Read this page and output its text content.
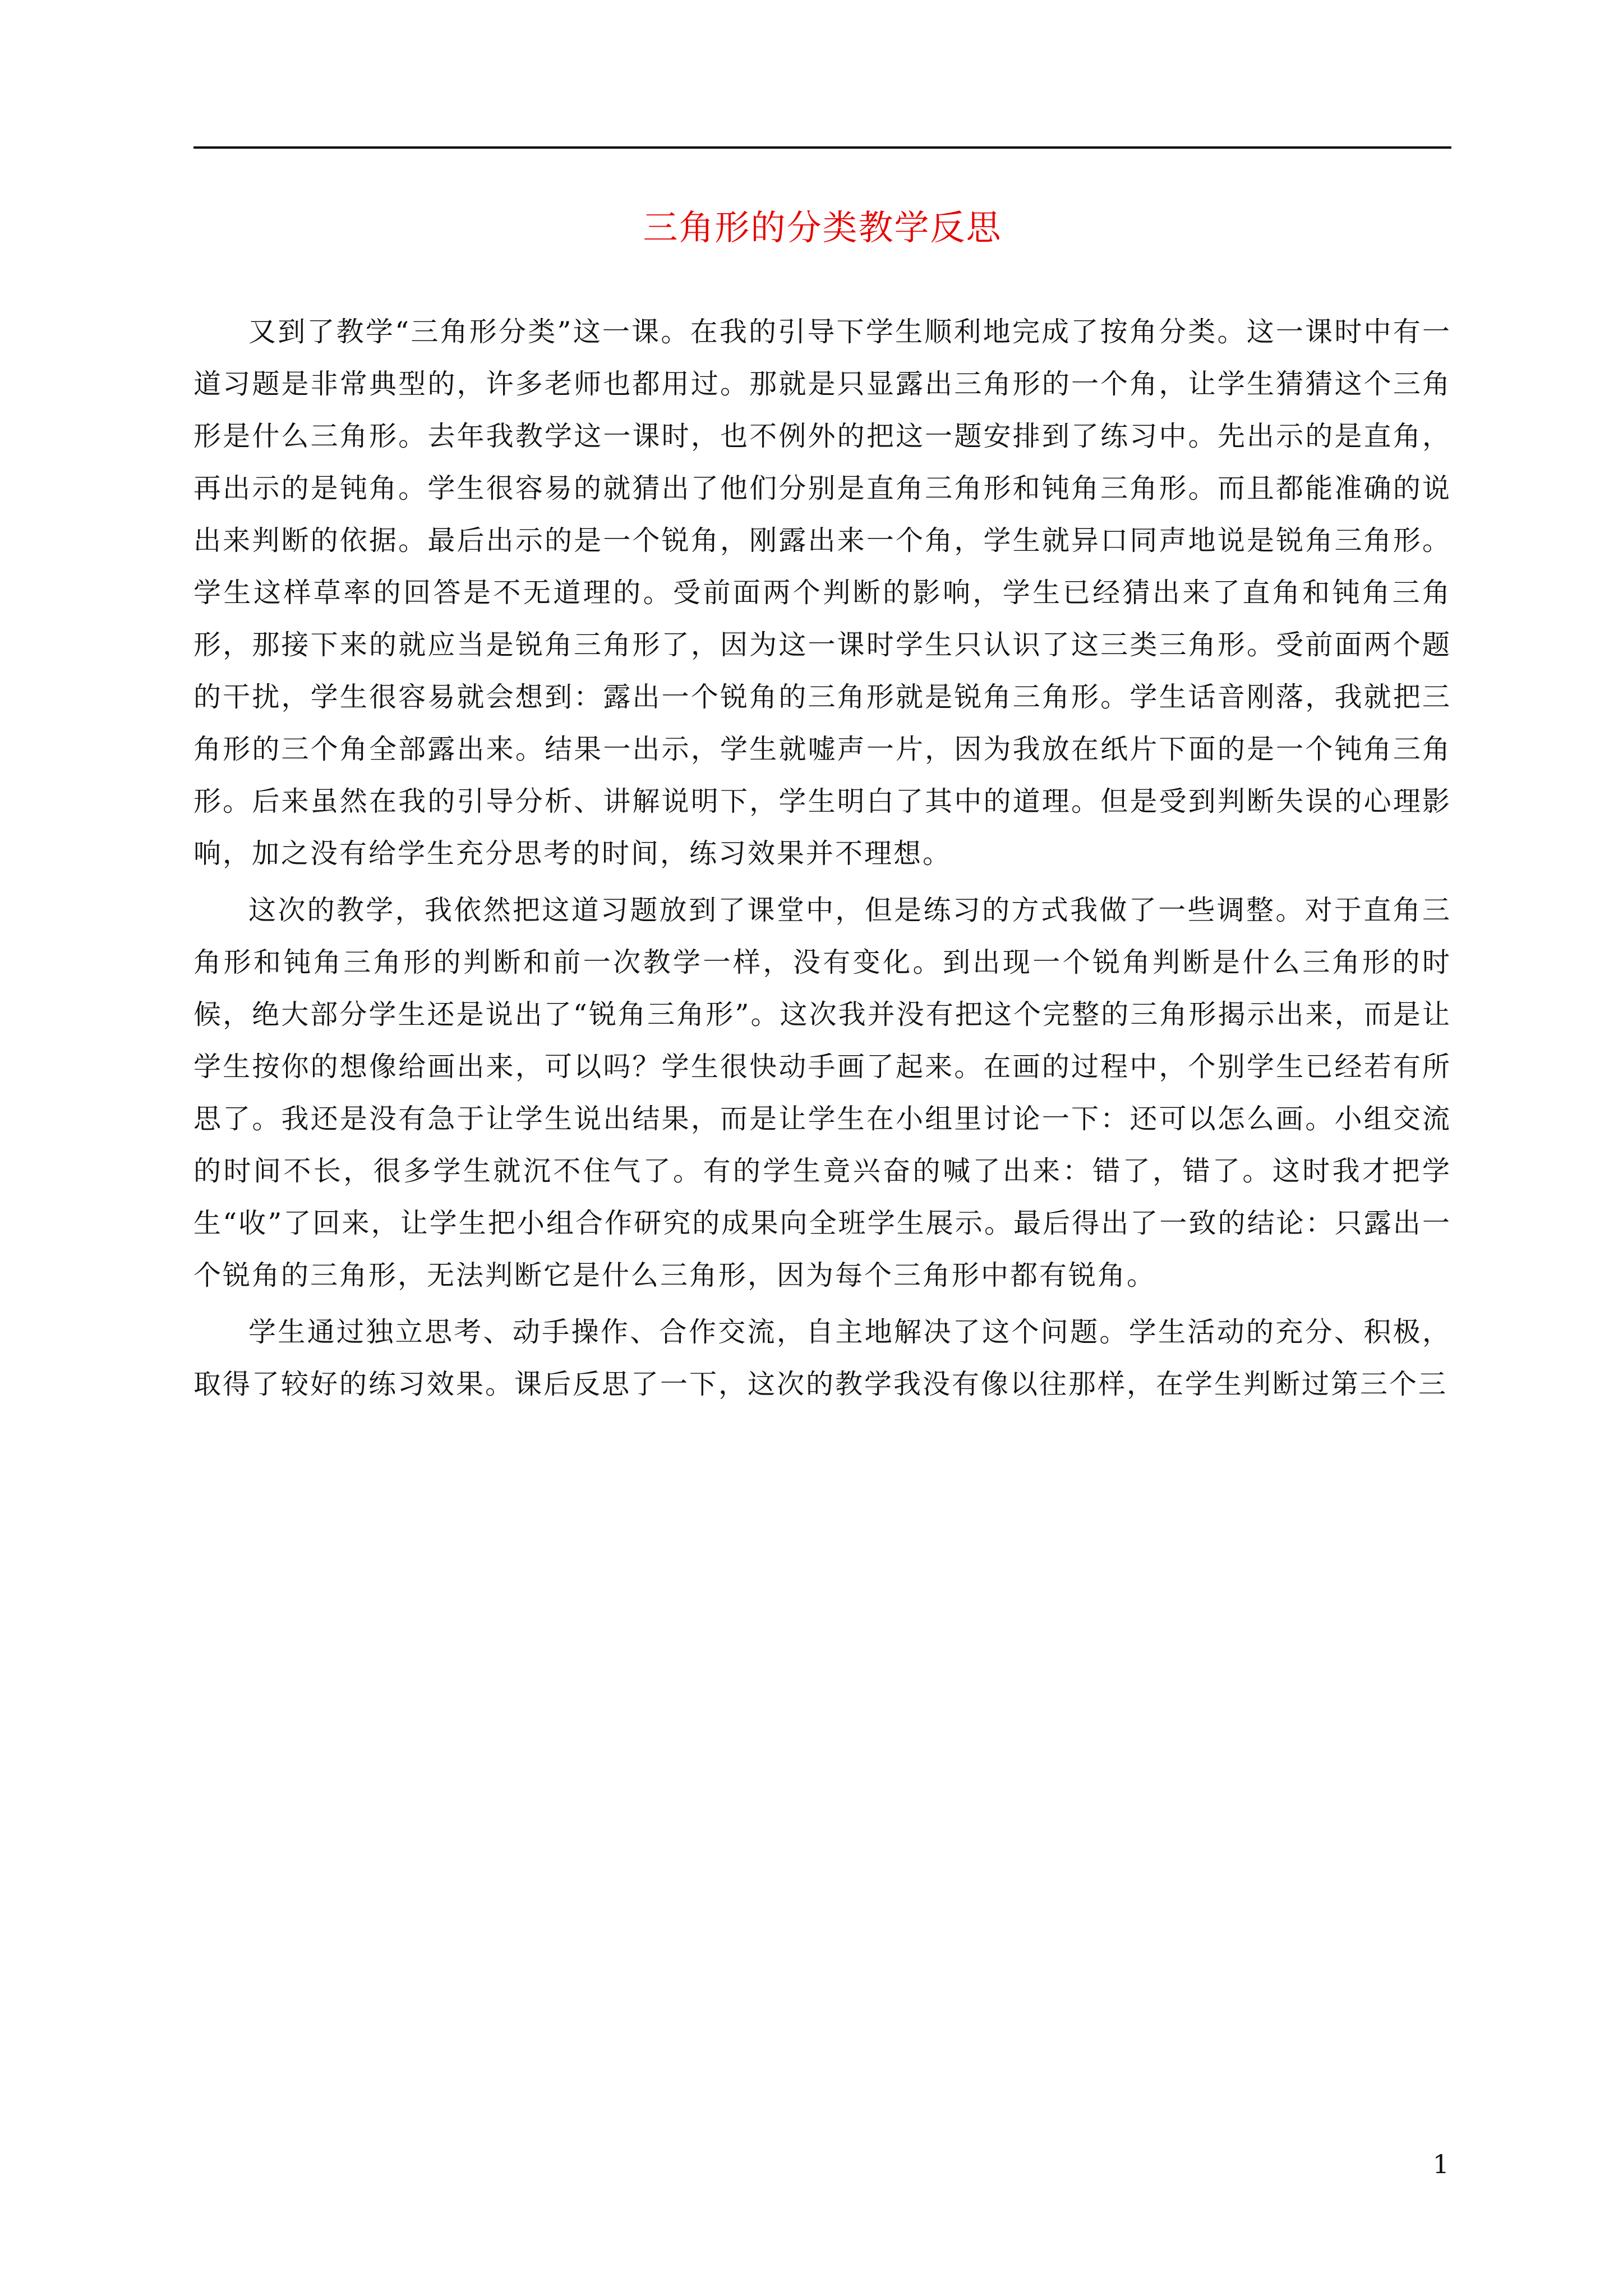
三角形的分类教学反思

又到了教学“三角形分类”这一课。在我的引导下学生顺利地完成了按角分类。这一课时中有一道习题是非常典型的，许多老师也都用过。那就是只显露出三角形的一个角，让学生猜猜这个三角形是什么三角形。去年我教学这一课时，也不例外的把这一题安排到了练习中。先出示的是直角，再出示的是钝角。学生很容易的就猜出了他们分别是直角三角形和钝角三角形。而且都能准确的说出来判断的依据。最后出示的是一个锐角，刚露出来一个角，学生就异口同声地说是锐角三角形。学生这样草率的回答是不无道理的。受前面两个判断的影响，学生已经猜出来了直角和钝角三角形，那接下来的就应当是锐角三角形了，因为这一课时学生只认识了这三类三角形。受前面两个题的干扰，学生很容易就会想到：露出一个锐角的三角形就是锐角三角形。学生话音刚落，我就把三角形的三个角全部露出来。结果一出示，学生就嘘声一片，因为我放在纸片下面的是一个钝角三角形。后来虽然在我的引导分析、讲解说明下，学生明白了其中的道理。但是受到判断失误的心理影响，加之没有给学生充分思考的时间，练习效果并不理想。

这次的教学，我依然把这道习题放到了课堂中，但是练习的方式我做了一些调整。对于直角三角形和钝角三角形的判断和前一次教学一样，没有变化。到出现一个锐角判断是什么三角形的时候，绝大部分学生还是说出了“锐角三角形”。这次我并没有把这个完整的三角形揭示出来，而是让学生按你的想像给画出来，可以吗？学生很快动手画了起来。在画的过程中，个别学生已经若有所思了。我还是没有急于让学生说出结果，而是让学生在小组里讨论一下：还可以怎么画。小组交流的时间不长，很多学生就沉不住气了。有的学生竟兴奋的喊了出来：错了，错了。这时我才把学生“收”了回来，让学生把小组合作研究的成果向全班学生展示。最后得出了一致的结论：只露出一个锐角的三角形，无法判断它是什么三角形，因为每个三角形中都有锐角。

学生通过独立思考、动手操作、合作交流，自主地解决了这个问题。学生活动的充分、积极，取得了较好的练习效果。课后反思了一下，这次的教学我没有像以往那样，在学生判断过第三个三

1
